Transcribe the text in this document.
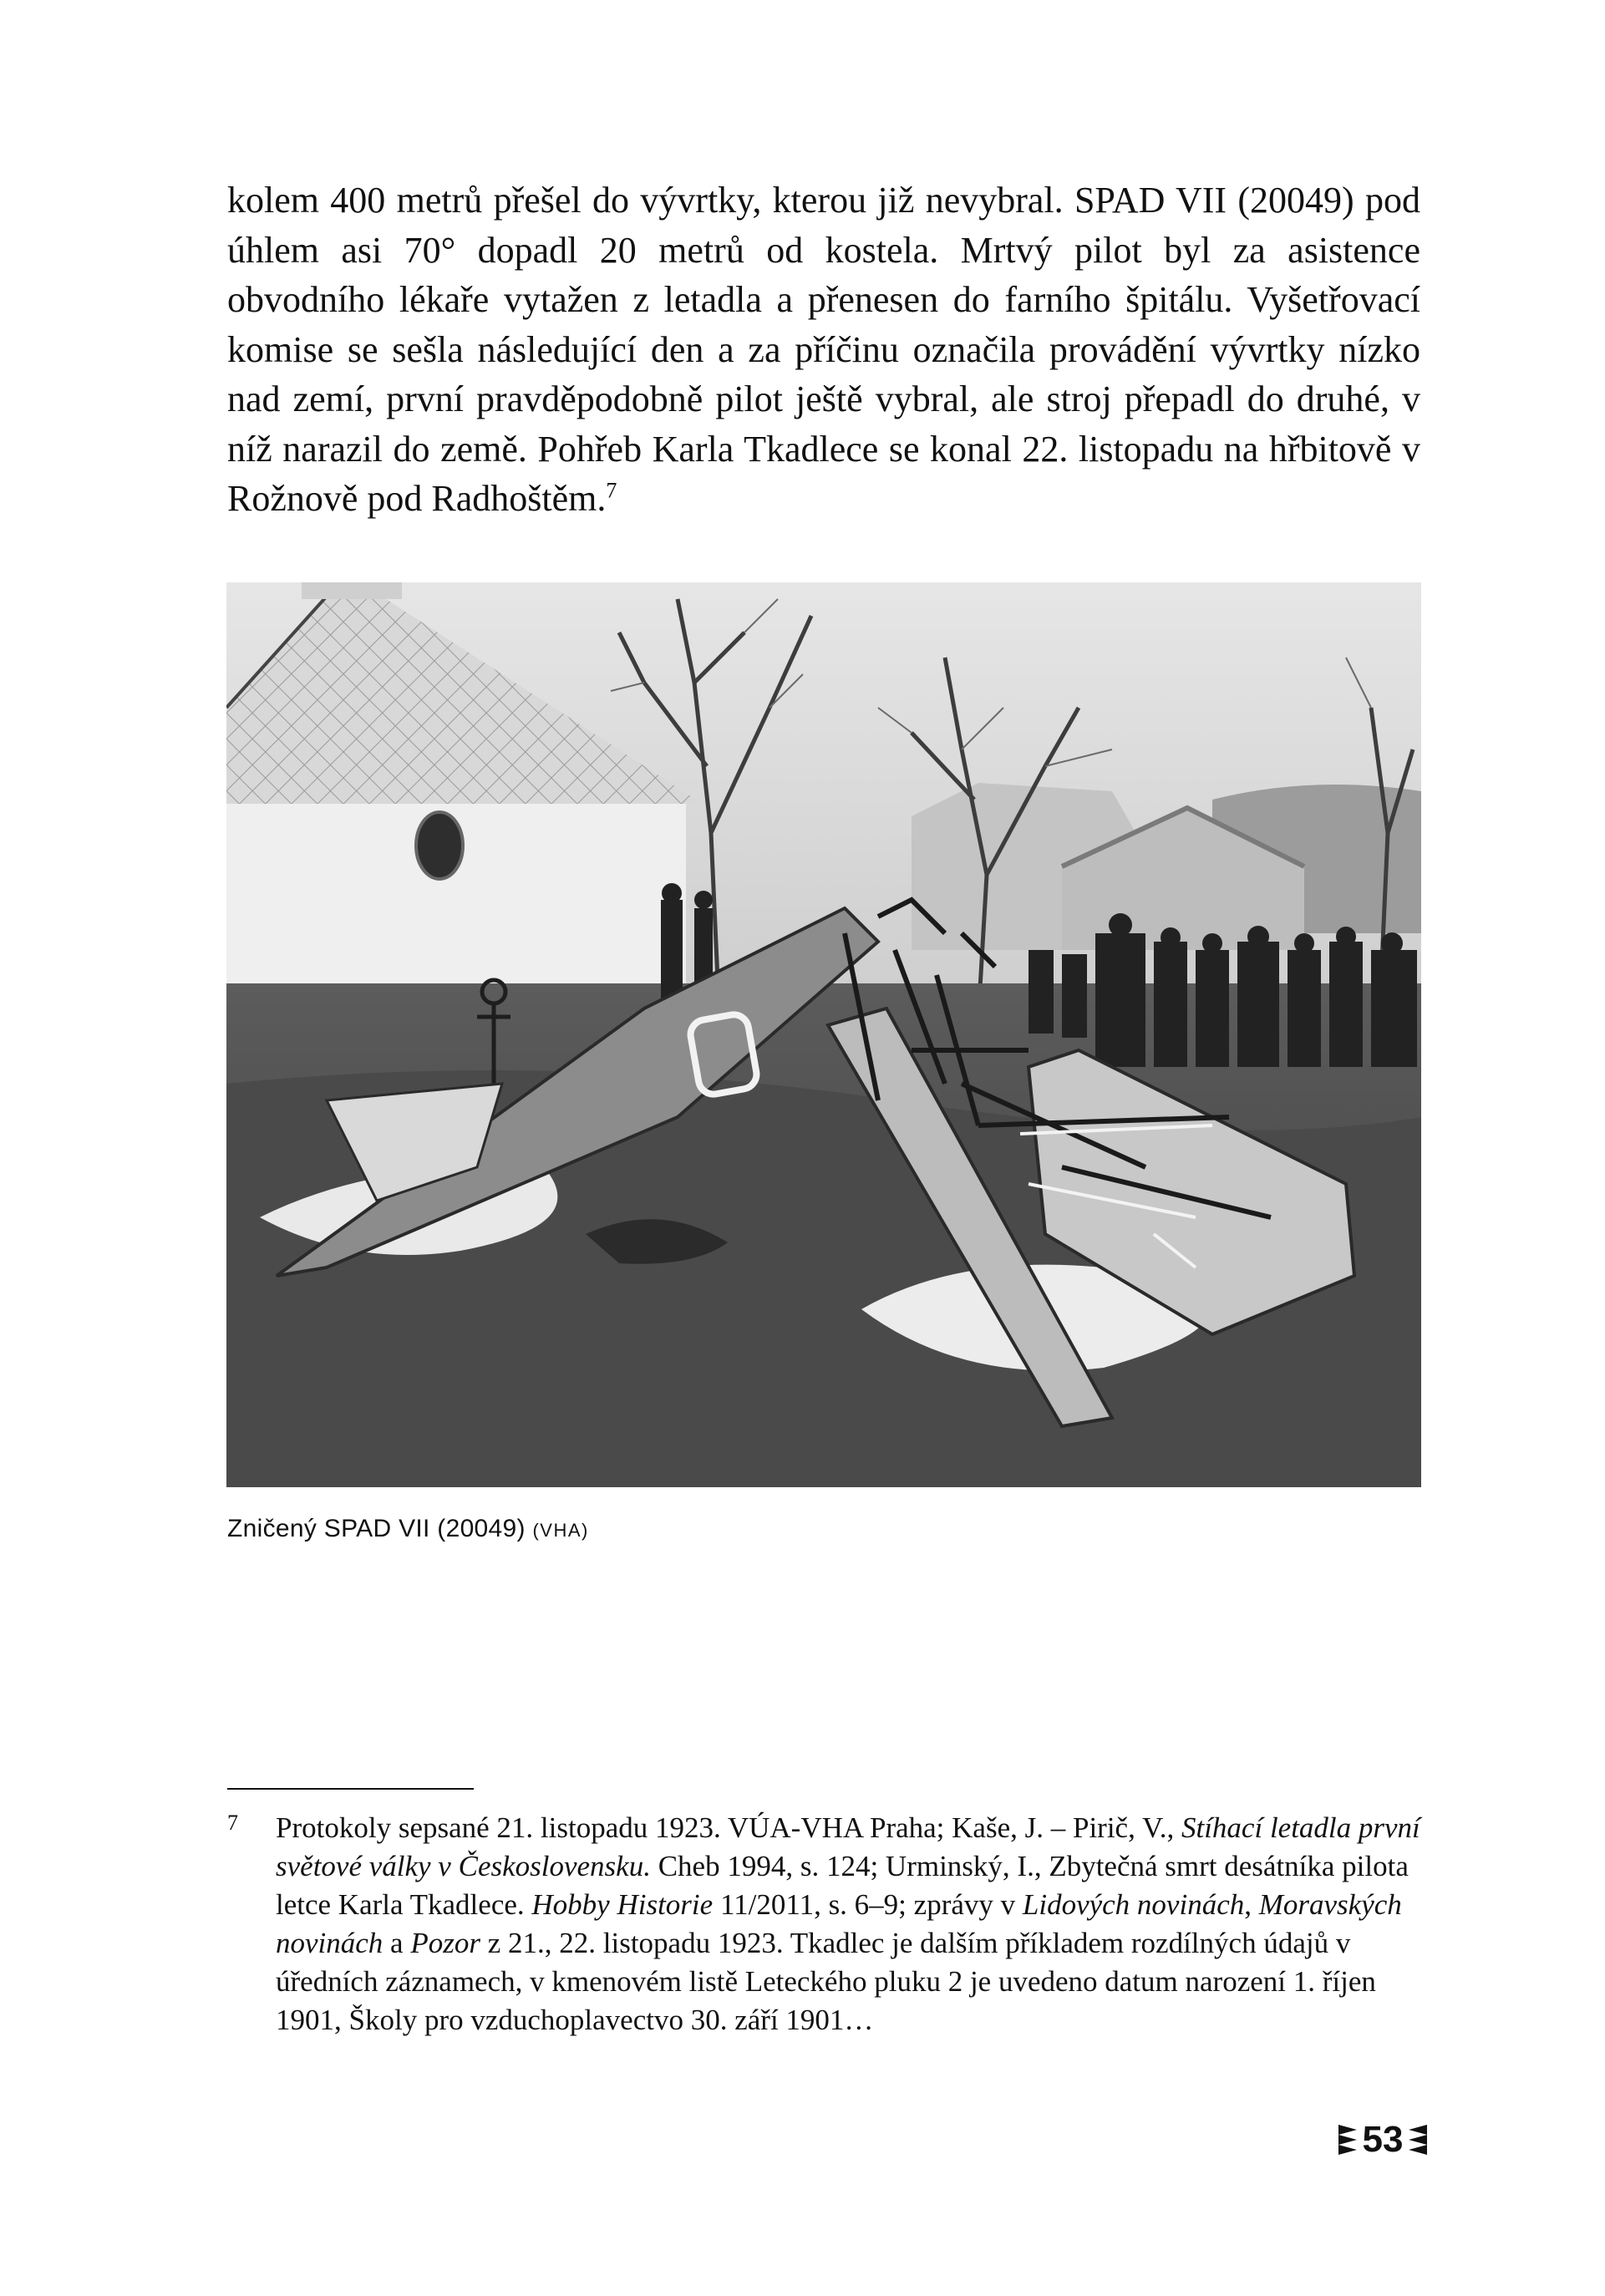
kolem 400 metrů přešel do vývrtky, kterou již nevybral. SPAD VII (20049) pod úhlem asi 70° dopadl 20 metrů od kostela. Mrtvý pilot byl za asistence obvodního lékaře vytažen z letadla a přenesen do farního špitálu. Vyšetřovací komise se sešla následující den a za příčinu označila provádění vývrtky nízko nad zemí, první pravděpodobně pilot ještě vybral, ale stroj přepadl do druhé, v níž narazil do země. Pohřeb Karla Tkadlece se konal 22. listopadu na hřbitově v Rožnově pod Radhoštěm.$^7$

Zničený SPAD VII (20049) (VHA)
7 Protokoly sepsané 21. listopadu 1923. VÚA-VHA Praha; Kaše, J. – Pirič, V., Stíhací letadla první světové války v Československu. Cheb 1994, s. 124; Urminský, I., Zbytečná smrt desátníka pilota letce Karla Tkadlece. Hobby Historie 11/2011, s. 6–9; zprávy v Lidových novinách, Moravských novinách a Pozor z 21., 22. listopadu 1923. Tkadlec je dalším příkladem rozdílných údajů v úředních záznamech, v kmenovém listě Leteckého pluku 2 je uvedeno datum narození 1. říjen 1901, Školy pro vzduchoplavectvo 30. září 1901…
53
